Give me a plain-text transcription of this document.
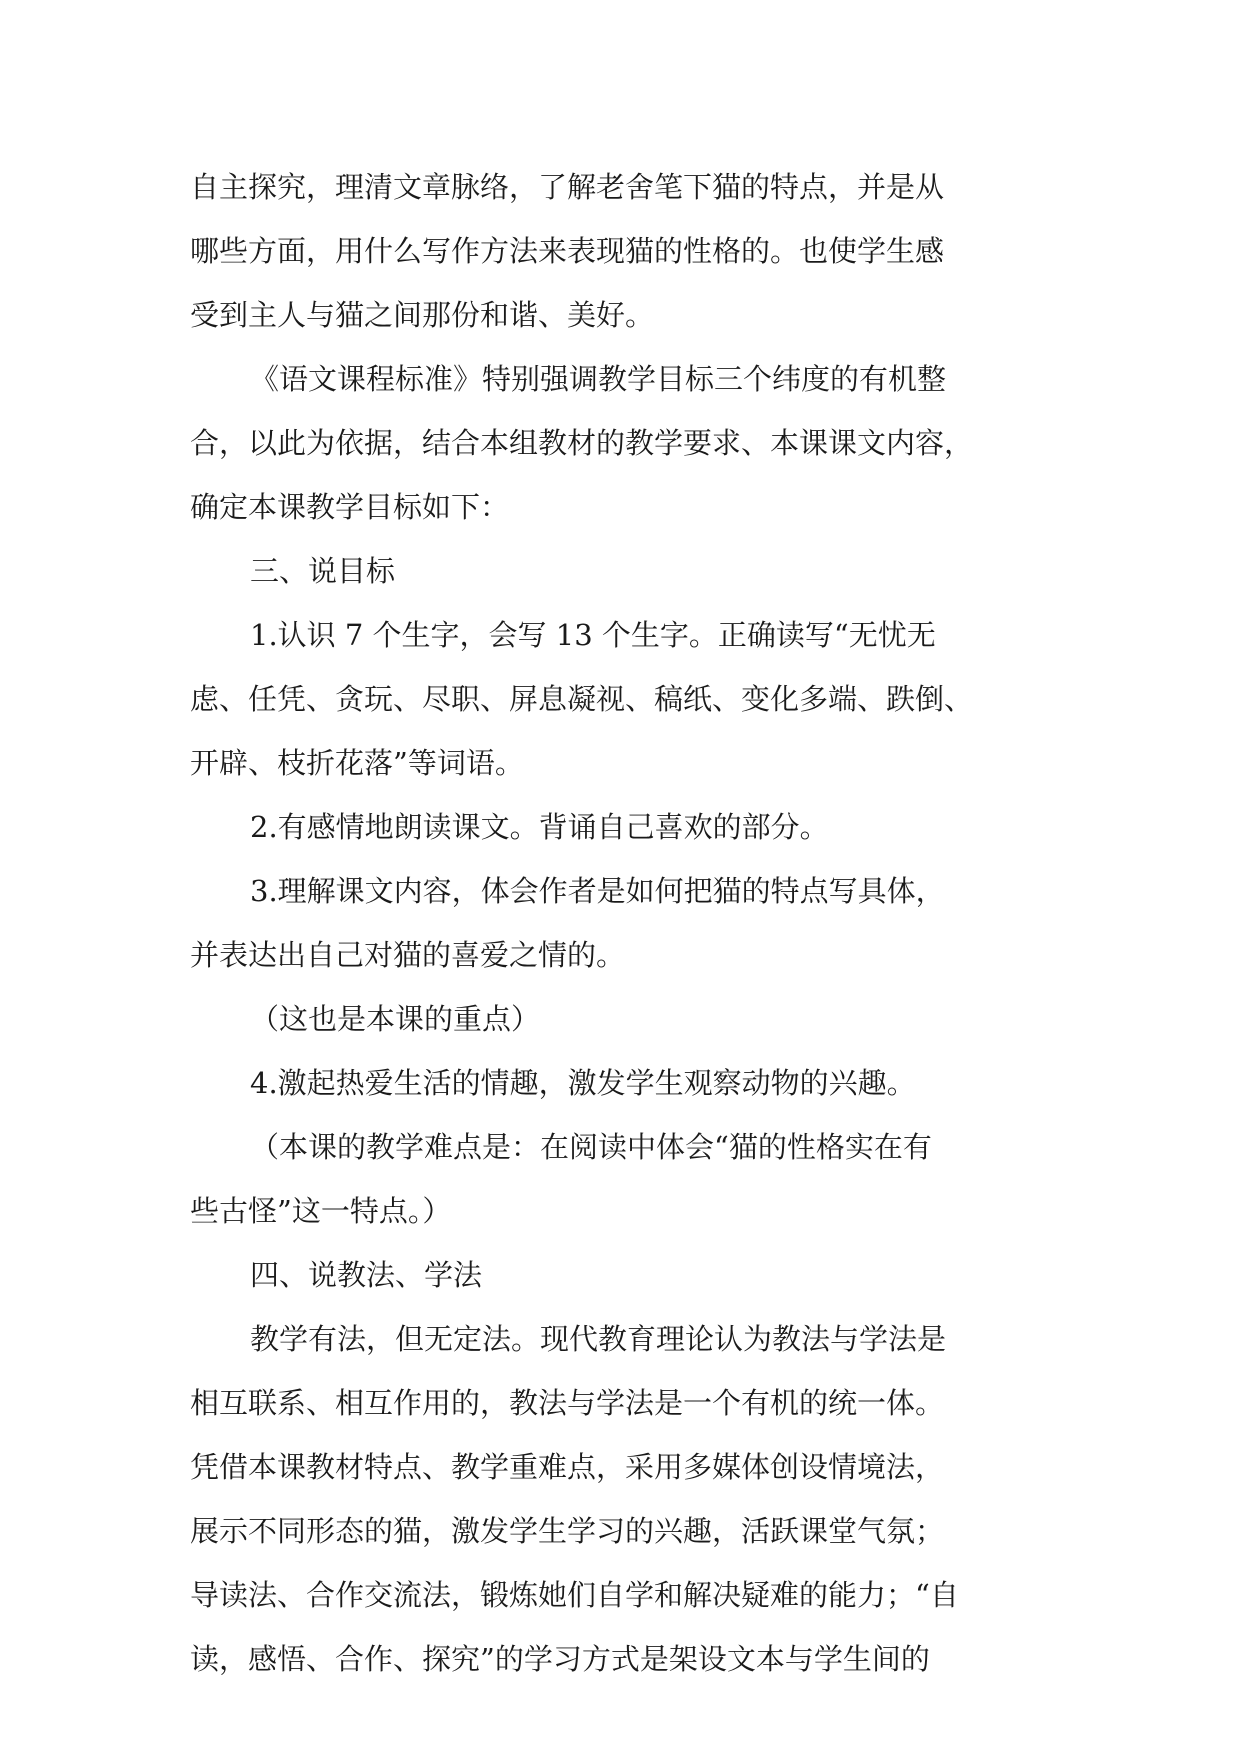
自主探究，理清文章脉络，了解老舍笔下猫的特点，并是从

哪些方面，用什么写作方法来表现猫的性格的。也使学生感

受到主人与猫之间那份和谐、美好。

《语文课程标准》特别强调教学目标三个纬度的有机整

合，以此为依据，结合本组教材的教学要求、本课课文内容，

确定本课教学目标如下：

三、说目标

1.认识 7 个生字，会写 13 个生字。正确读写“无忧无

虑、任凭、贪玩、尽职、屏息凝视、稿纸、变化多端、跌倒、

开辟、枝折花落”等词语。

2.有感情地朗读课文。背诵自己喜欢的部分。

3.理解课文内容，体会作者是如何把猫的特点写具体，

并表达出自己对猫的喜爱之情的。

（这也是本课的重点）

4.激起热爱生活的情趣，激发学生观察动物的兴趣。

（本课的教学难点是：在阅读中体会“猫的性格实在有

些古怪”这一特点。）

四、说教法、学法

教学有法，但无定法。现代教育理论认为教法与学法是

相互联系、相互作用的，教法与学法是一个有机的统一体。

凭借本课教材特点、教学重难点，采用多媒体创设情境法，

展示不同形态的猫，激发学生学习的兴趣，活跃课堂气氛；

导读法、合作交流法，锻炼她们自学和解决疑难的能力；“自

读，感悟、合作、探究”的学习方式是架设文本与学生间的
